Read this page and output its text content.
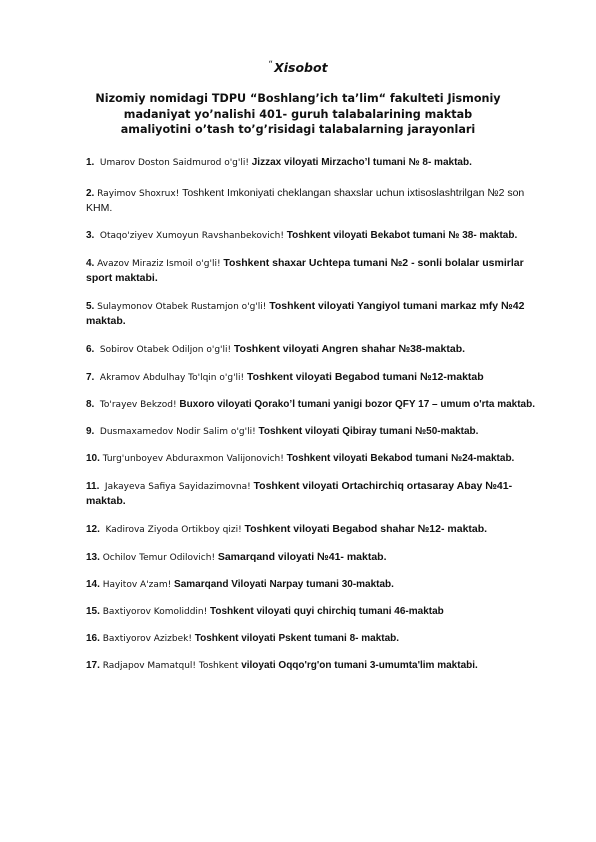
“Xisobot
Nizomiy nomidagi TDPU “Boshlang’ich ta’lim“ fakulteti Jismoniy madaniyat yo’nalishi 401- guruh talabalarining maktab amaliyotini o’tash to’g’risidagi talabalarning jarayonlari
1. Umarov Doston Saidmurod o'g'li! Jizzax viloyati Mirzacho’l tumani № 8- maktab.
2. Rayimov Shoxrux! Toshkent Imkoniyati cheklangan shaxslar uchun ixtisoslashtrilgan №2 son KHM.
3. Otaqo'ziyev Xumoyun Ravshanbekovich! Toshkent viloyati Bekabot tumani № 38- maktab.
4. Avazov Miraziz Ismoil o'g'li! Toshkent shaxar Uchtepa tumani №2 - sonli bolalar usmirlar sport maktabi.
5. Sulaymonov Otabek Rustamjon o'g'li! Toshkent viloyati Yangiyol tumani markaz mfy №42 maktab.
6. Sobirov Otabek Odiljon o'g'li! Toshkent viloyati Angren shahar №38-maktab.
7. Akramov Abdulhay To'lqin o'g'li! Toshkent viloyati Begabod tumani №12-maktab
8. To'rayev Bekzod! Buxoro viloyati Qorako’l tumani yanigi bozor QFY 17 – umum o'rta maktab.
9. Dusmaxamedov Nodir Salim o'g'li! Toshkent viloyati Qibiray tumani №50-maktab.
10. Turg'unboyev Abduraxmon Valijonovich! Toshkent viloyati Bekabod tumani №24-maktab.
11. Jakayeva Safiya Sayidazimovna! Toshkent viloyati Ortachirchiq ortasaray Abay №41- maktab.
12. Kadirova Ziyoda Ortikboy qizi! Toshkent viloyati Begabod shahar №12- maktab.
13. Ochilov Temur Odilovich! Samarqand viloyati №41- maktab.
14. Hayitov A'zam! Samarqand Viloyati Narpay tumani 30-maktab.
15. Baxtiyorov Komoliddin! Toshkent viloyati quyi chirchiq tumani 46-maktab
16. Baxtiyorov Azizbek! Toshkent viloyati Pskent tumani 8- maktab.
17. Radjapov Mamatqul! Toshkent viloyati Oqqo'rg'on tumani 3-umumta'lim maktabi.
